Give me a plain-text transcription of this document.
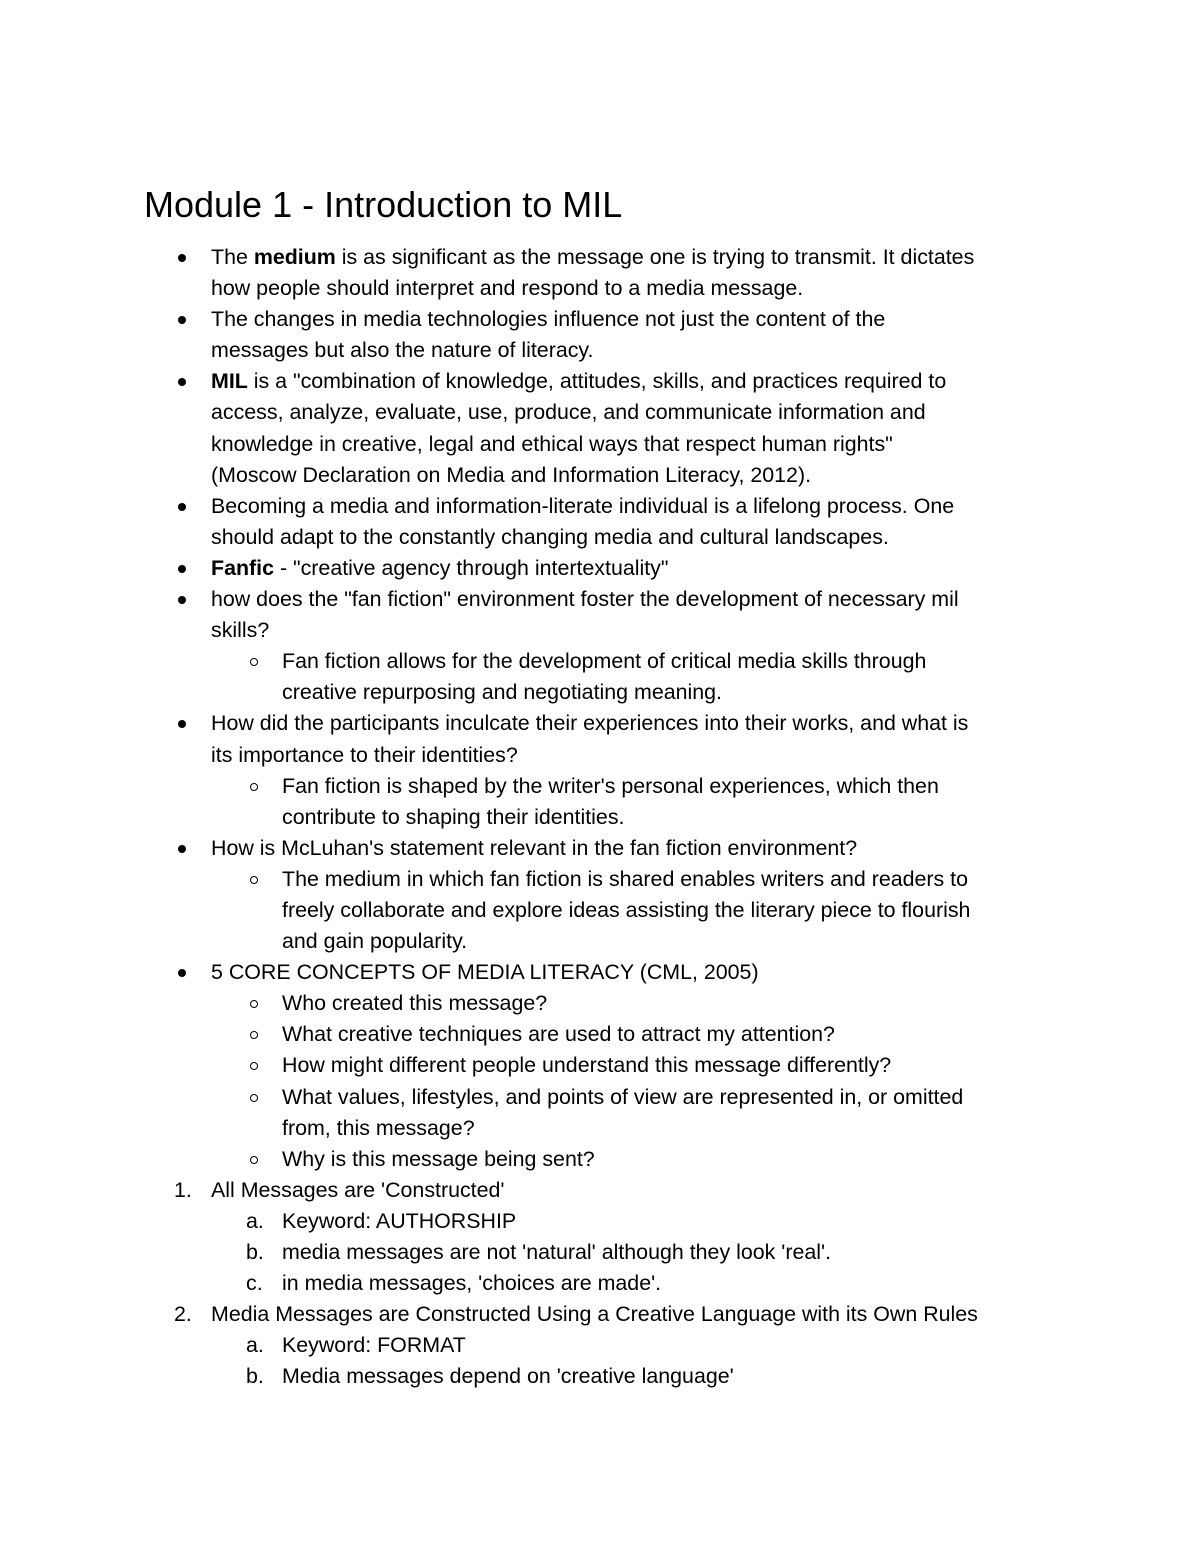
Module 1 - Introduction to MIL
The medium is as significant as the message one is trying to transmit. It dictates
how people should interpret and respond to a media message.
The changes in media technologies influence not just the content of the
messages but also the nature of literacy.
MIL is a "combination of knowledge, attitudes, skills, and practices required to
access, analyze, evaluate, use, produce, and communicate information and
knowledge in creative, legal and ethical ways that respect human rights"
(Moscow Declaration on Media and Information Literacy, 2012).
Becoming a media and information-literate individual is a lifelong process. One
should adapt to the constantly changing media and cultural landscapes.
Fanfic - "creative agency through intertextuality"
how does the "fan fiction" environment foster the development of necessary mil
skills?
Fan fiction allows for the development of critical media skills through
creative repurposing and negotiating meaning.
How did the participants inculcate their experiences into their works, and what is
its importance to their identities?
Fan fiction is shaped by the writer's personal experiences, which then
contribute to shaping their identities.
How is McLuhan's statement relevant in the fan fiction environment?
The medium in which fan fiction is shared enables writers and readers to
freely collaborate and explore ideas assisting the literary piece to flourish
and gain popularity.
5 CORE CONCEPTS OF MEDIA LITERACY (CML, 2005)
Who created this message?
What creative techniques are used to attract my attention?
How might different people understand this message differently?
What values, lifestyles, and points of view are represented in, or omitted
from, this message?
Why is this message being sent?
1. All Messages are 'Constructed'
a. Keyword: AUTHORSHIP
b. media messages are not 'natural' although they look 'real'.
c. in media messages, 'choices are made'.
2. Media Messages are Constructed Using a Creative Language with its Own Rules
a. Keyword: FORMAT
b. Media messages depend on 'creative language'
